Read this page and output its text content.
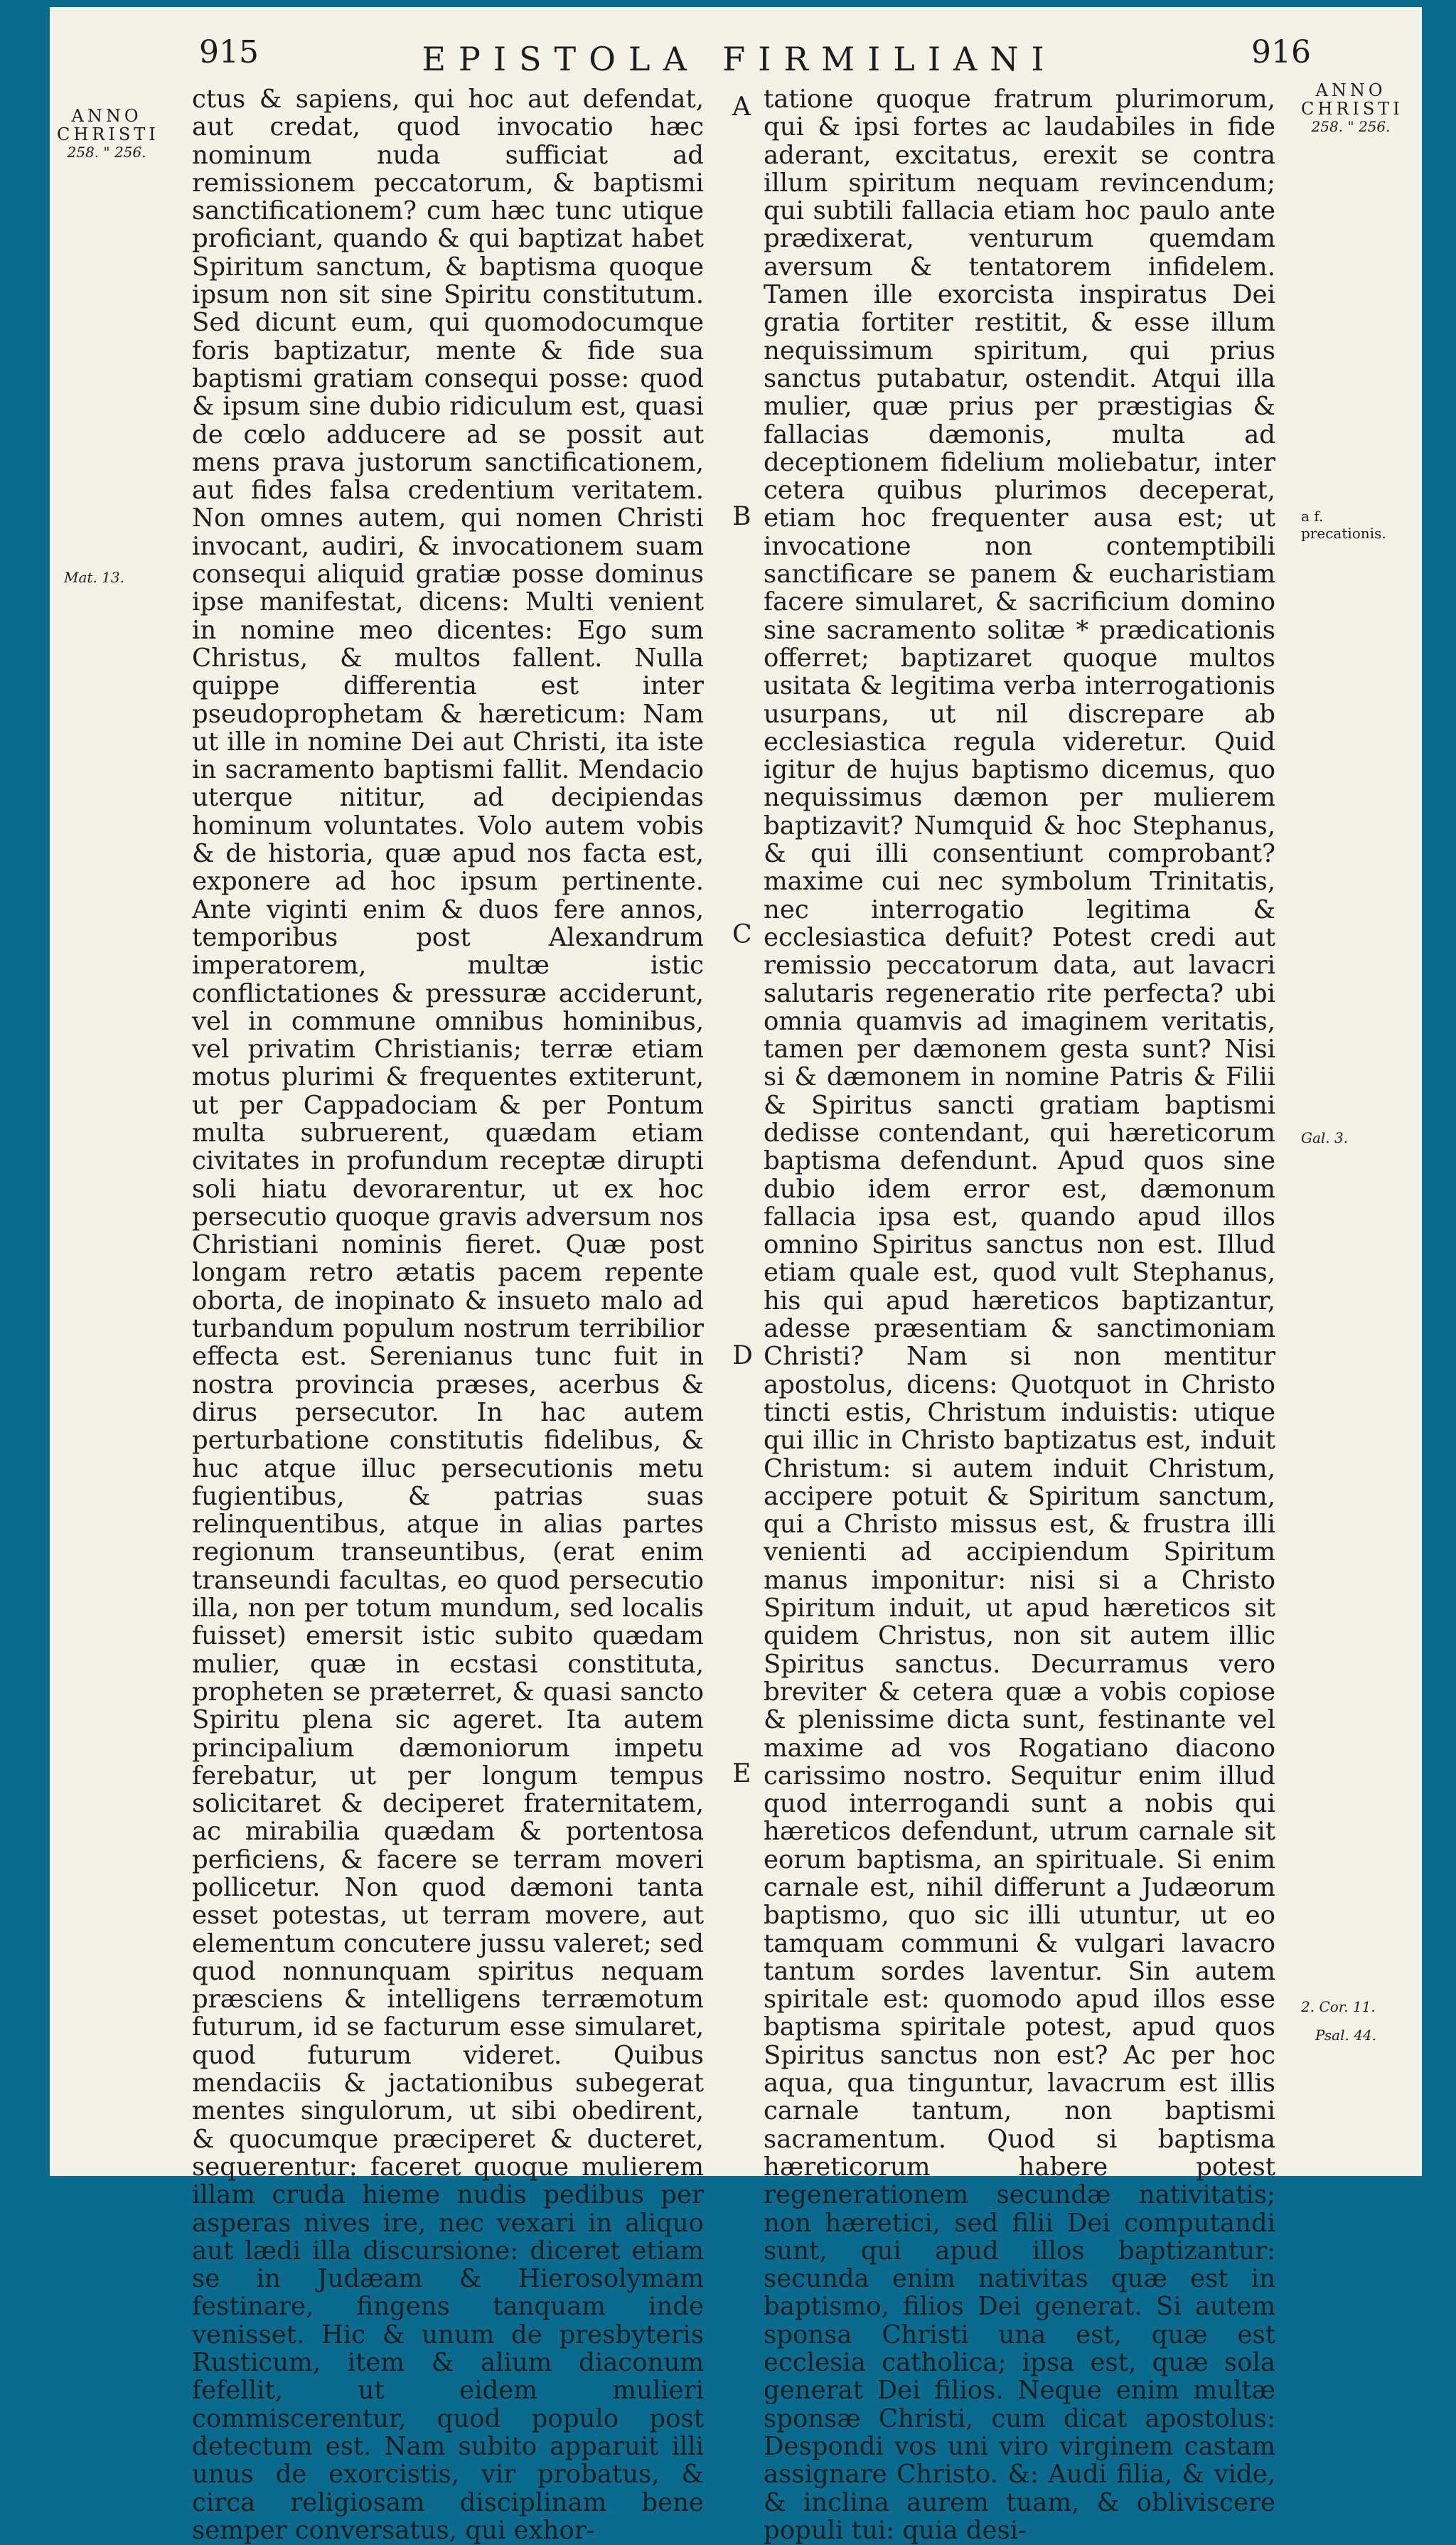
915	EPISTOLA FIRMILIANI	916
ANNO CHRISTI 258. " 256.
Mat. 13.
ANNO CHRISTI 258. " 256.
a f. precationis.
Gal. 3.
2. Cor. 11.
Psal. 44.
A
B
C
D
E

ctus & sapiens, qui hoc aut defendat, aut credat, quod invocatio hæc nominum nuda sufficiat ad remissionem peccatorum, & baptismi sanctificationem? cum hæc tunc utique proficiant, quando & qui baptizat habet Spiritum sanctum, & baptisma quoque ipsum non sit sine Spiritu constitutum. Sed dicunt eum, qui quomodocumque foris baptizatur, mente & fide sua baptismi gratiam consequi posse: quod & ipsum sine dubio ridiculum est, quasi de cœlo adducere ad se possit aut mens prava justorum sanctificationem, aut fides falsa credentium veritatem. Non omnes autem, qui nomen Christi invocant, audiri, & invocationem suam consequi aliquid gratiæ posse dominus ipse manifestat, dicens: Multi venient in nomine meo dicentes: Ego sum Christus, & multos fallent. Nulla quippe differentia est inter pseudoprophetam & hæreticum: Nam ut ille in nomine Dei aut Christi, ita iste in sacramento baptismi fallit. Mendacio uterque nititur, ad decipiendas hominum voluntates. Volo autem vobis & de historia, quæ apud nos facta est, exponere ad hoc ipsum pertinente. Ante viginti enim & duos fere annos, temporibus post Alexandrum imperatorem, multæ istic conflictationes & pressuræ acciderunt, vel in commune omnibus hominibus, vel privatim Christianis; terræ etiam motus plurimi & frequentes extiterunt, ut per Cappadociam & per Pontum multa subruerent, quædam etiam civitates in profundum receptæ dirupti soli hiatu devorarentur, ut ex hoc persecutio quoque gravis adversum nos Christiani nominis fieret. Quæ post longam retro ætatis pacem repente oborta, de inopinato & insueto malo ad turbandum populum nostrum terribilior effecta est. Serenianus tunc fuit in nostra provincia præses, acerbus & dirus persecutor. In hac autem perturbatione constitutis fidelibus, & huc atque illuc persecutionis metu fugientibus, & patrias suas relinquentibus, atque in alias partes regionum transeuntibus, (erat enim transeundi facultas, eo quod persecutio illa, non per totum mundum, sed localis fuisset) emersit istic subito quædam mulier, quæ in ecstasi constituta, propheten se præterret, & quasi sancto Spiritu plena sic ageret. Ita autem principalium dæmoniorum impetu ferebatur, ut per longum tempus solicitaret & deciperet fraternitatem, ac mirabilia quædam & portentosa perficiens, & facere se terram moveri pollicetur. Non quod dæmoni tanta esset potestas, ut terram movere, aut elementum concutere jussu valeret; sed quod nonnunquam spiritus nequam præsciens & intelligens terræmotum futurum, id se facturum esse simularet, quod futurum videret. Quibus mendaciis & jactationibus subegerat mentes singulorum, ut sibi obedirent, & quocumque præciperet & ducteret, sequerentur: faceret quoque mulierem illam cruda hieme nudis pedibus per asperas nives ire, nec vexari in aliquo aut lædi illa discursione: diceret etiam se in Judæam & Hierosolymam festinare, fingens tanquam inde venisset. Hic & unum de presbyteris Rusticum, item & alium diaconum fefellit, ut eidem mulieri commiscerentur, quod populo post detectum est. Nam subito apparuit illi unus de exorcistis, vir probatus, & circa religiosam disciplinam bene semper conversatus, qui exhor-

tatione quoque fratrum plurimorum, qui & ipsi fortes ac laudabiles in fide aderant, excitatus, erexit se contra illum spiritum nequam revincendum; qui subtili fallacia etiam hoc paulo ante prædixerat, venturum quemdam aversum & tentatorem infidelem. Tamen ille exorcista inspiratus Dei gratia fortiter restitit, & esse illum nequissimum spiritum, qui prius sanctus putabatur, ostendit. Atqui illa mulier, quæ prius per præstigias & fallacias dæmonis, multa ad deceptionem fidelium moliebatur, inter cetera quibus plurimos deceperat, etiam hoc frequenter ausa est; ut invocatione non contemptibili sanctificare se panem & eucharistiam facere simularet, & sacrificium domino sine sacramento solitæ * prædicationis offerret; baptizaret quoque multos usitata & legitima verba interrogationis usurpans, ut nil discrepare ab ecclesiastica regula videretur. Quid igitur de hujus baptismo dicemus, quo nequissimus dæmon per mulierem baptizavit? Numquid & hoc Stephanus, & qui illi consentiunt comprobant? maxime cui nec symbolum Trinitatis, nec interrogatio legitima & ecclesiastica defuit? Potest credi aut remissio peccatorum data, aut lavacri salutaris regeneratio rite perfecta? ubi omnia quamvis ad imaginem veritatis, tamen per dæmonem gesta sunt? Nisi si & dæmonem in nomine Patris & Filii & Spiritus sancti gratiam baptismi dedisse contendant, qui hæreticorum baptisma defendunt. Apud quos sine dubio idem error est, dæmonum fallacia ipsa est, quando apud illos omnino Spiritus sanctus non est. Illud etiam quale est, quod vult Stephanus, his qui apud hæreticos baptizantur, adesse præsentiam & sanctimoniam Christi? Nam si non mentitur apostolus, dicens: Quotquot in Christo tincti estis, Christum induistis: utique qui illic in Christo baptizatus est, induit Christum: si autem induit Christum, accipere potuit & Spiritum sanctum, qui a Christo missus est, & frustra illi venienti ad accipiendum Spiritum manus imponitur: nisi si a Christo Spiritum induit, ut apud hæreticos sit quidem Christus, non sit autem illic Spiritus sanctus. Decurramus vero breviter & cetera quæ a vobis copiose & plenissime dicta sunt, festinante vel maxime ad vos Rogatiano diacono carissimo nostro. Sequitur enim illud quod interrogandi sunt a nobis qui hæreticos defendunt, utrum carnale sit eorum baptisma, an spirituale. Si enim carnale est, nihil differunt a Judæorum baptismo, quo sic illi utuntur, ut eo tamquam communi & vulgari lavacro tantum sordes laventur. Sin autem spiritale est: quomodo apud illos esse baptisma spiritale potest, apud quos Spiritus sanctus non est? Ac per hoc aqua, qua tinguntur, lavacrum est illis carnale tantum, non baptismi sacramentum. Quod si baptisma hæreticorum habere potest regenerationem secundæ nativitatis; non hæretici, sed filii Dei computandi sunt, qui apud illos baptizantur: secunda enim nativitas quæ est in baptismo, filios Dei generat. Si autem sponsa Christi una est, quæ est ecclesia catholica; ipsa est, quæ sola generat Dei filios. Neque enim multæ sponsæ Christi, cum dicat apostolus: Despondi vos uni viro virginem castam assignare Christo. &: Audi filia, & vide, & inclina aurem tuam, & obliviscere populi tui: quia desi-
